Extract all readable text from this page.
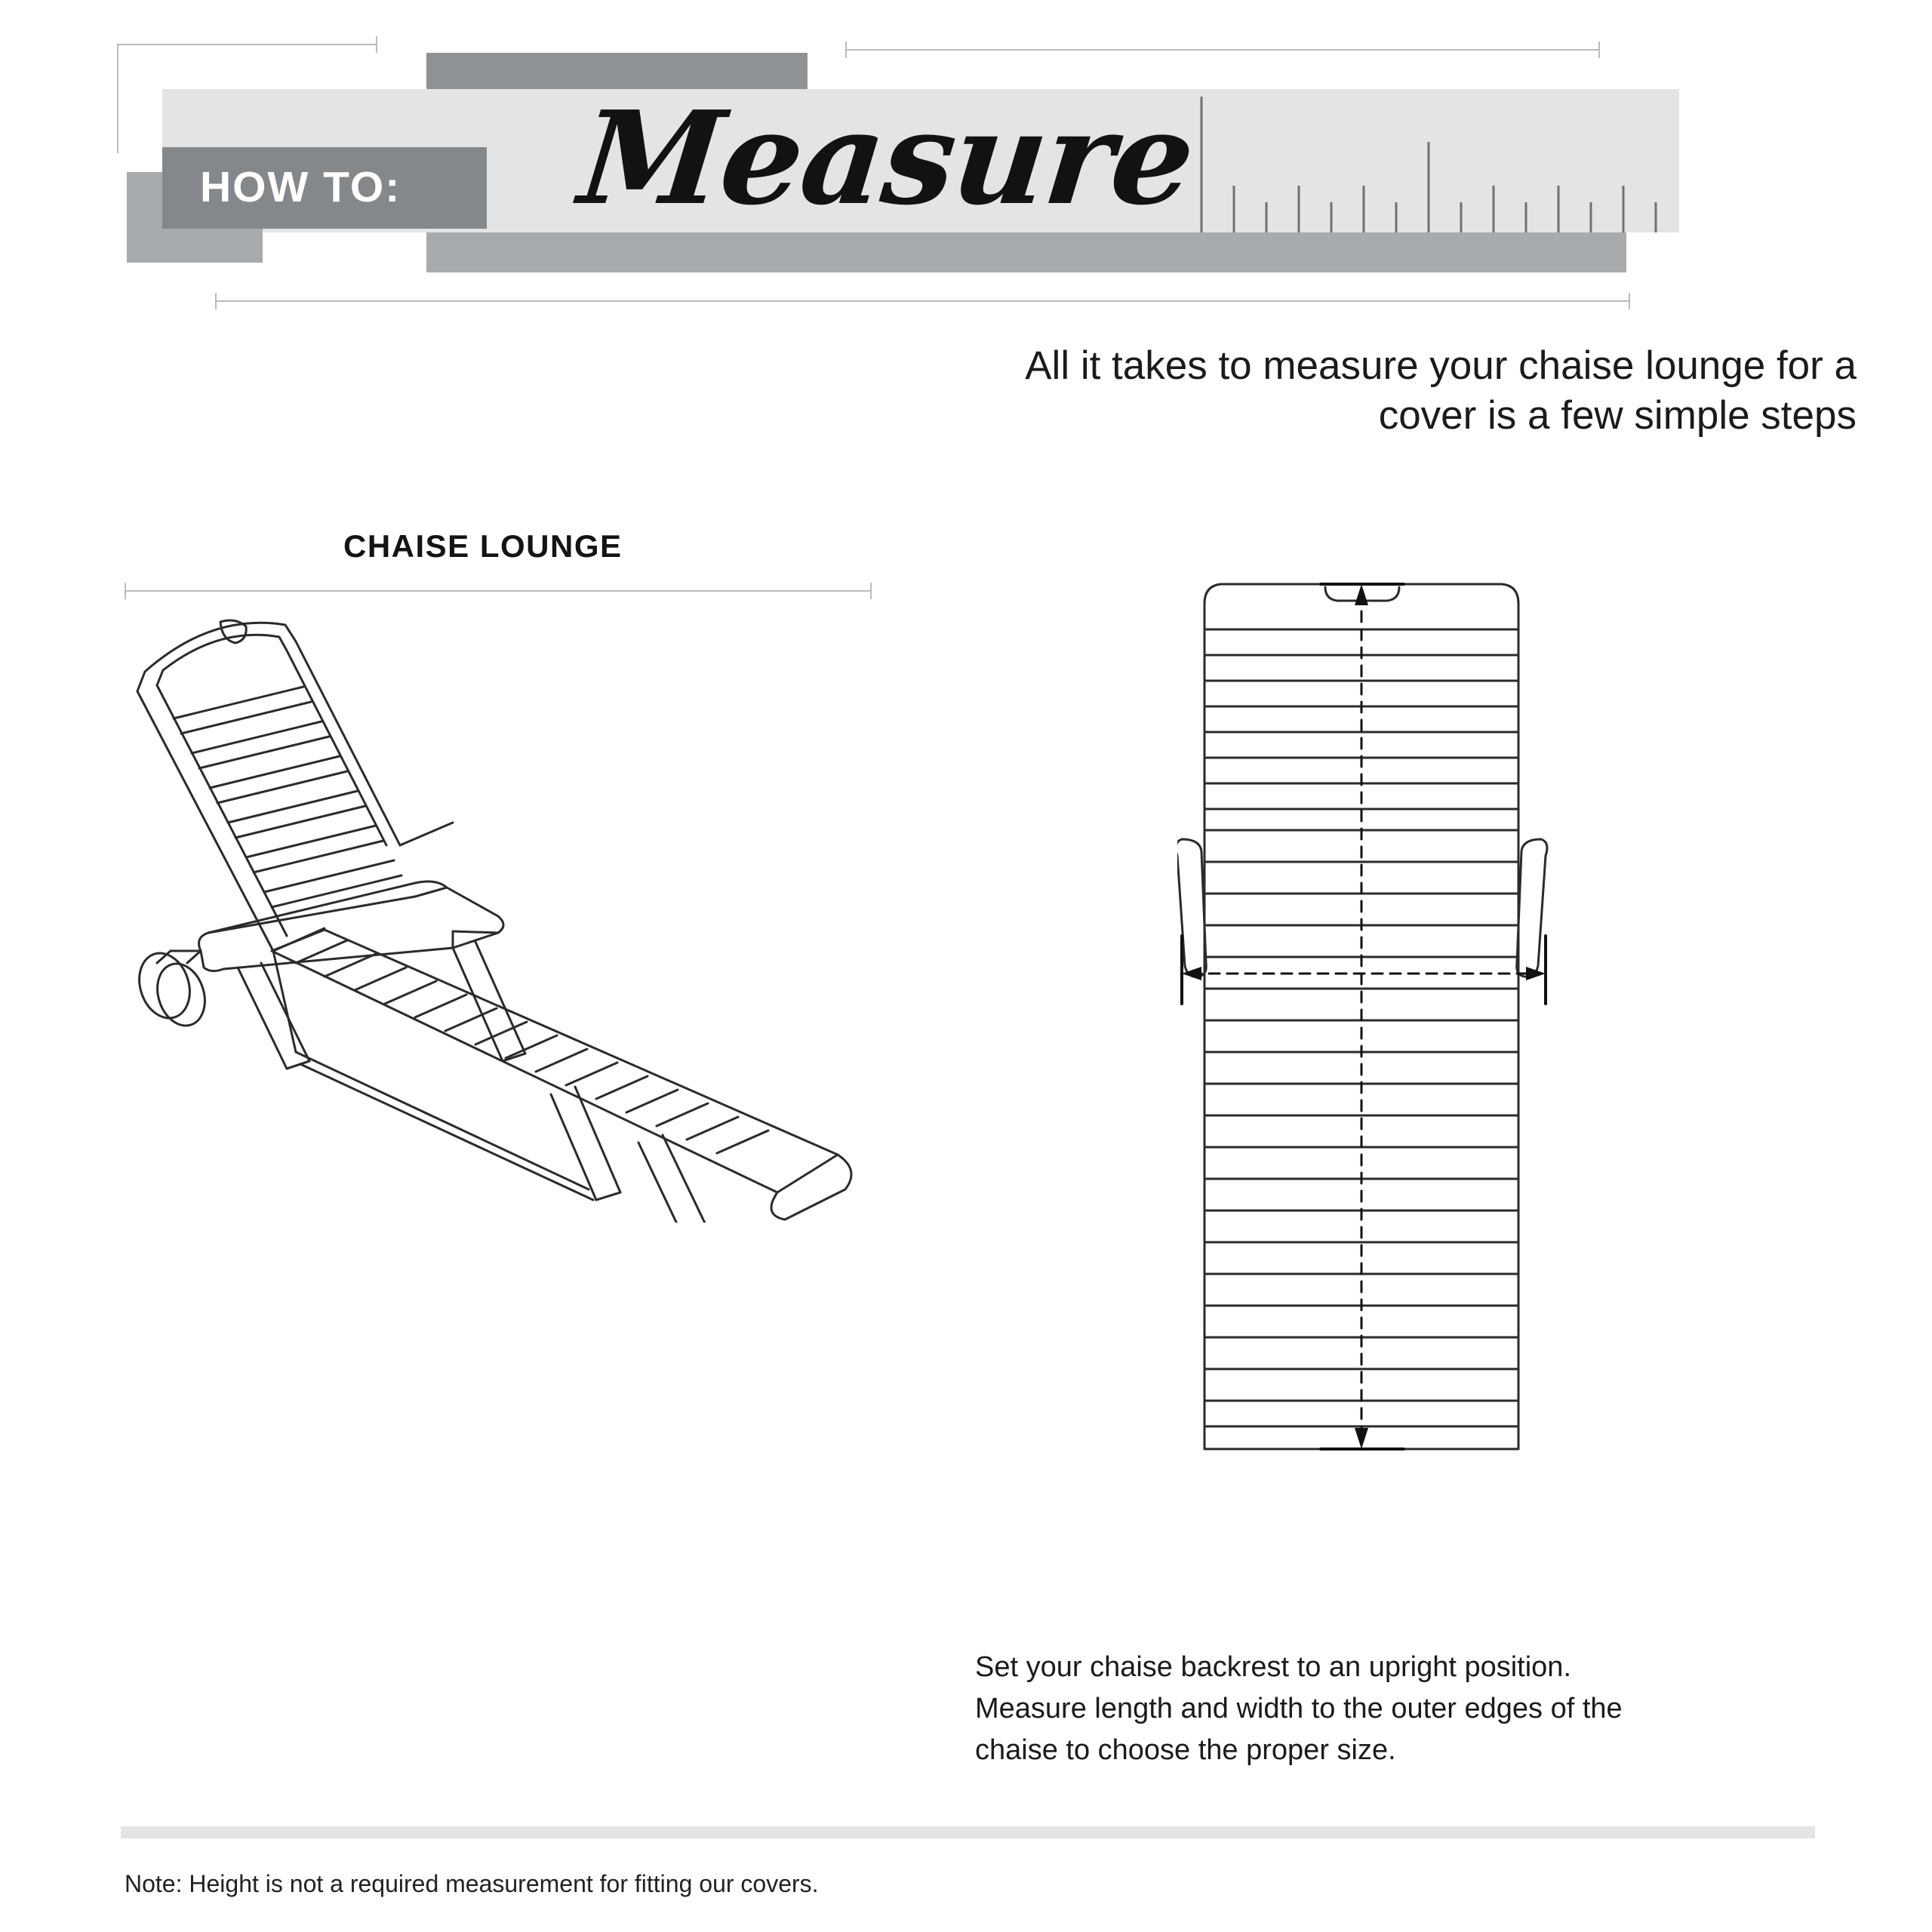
HOW TO: Measure
All it takes to measure your chaise lounge for a
cover is a few simple steps
CHAISE LOUNGE
Set your chaise backrest to an upright position.
Measure length and width to the outer edges of the
chaise to choose the proper size.
Note: Height is not a required measurement for fitting our covers.
